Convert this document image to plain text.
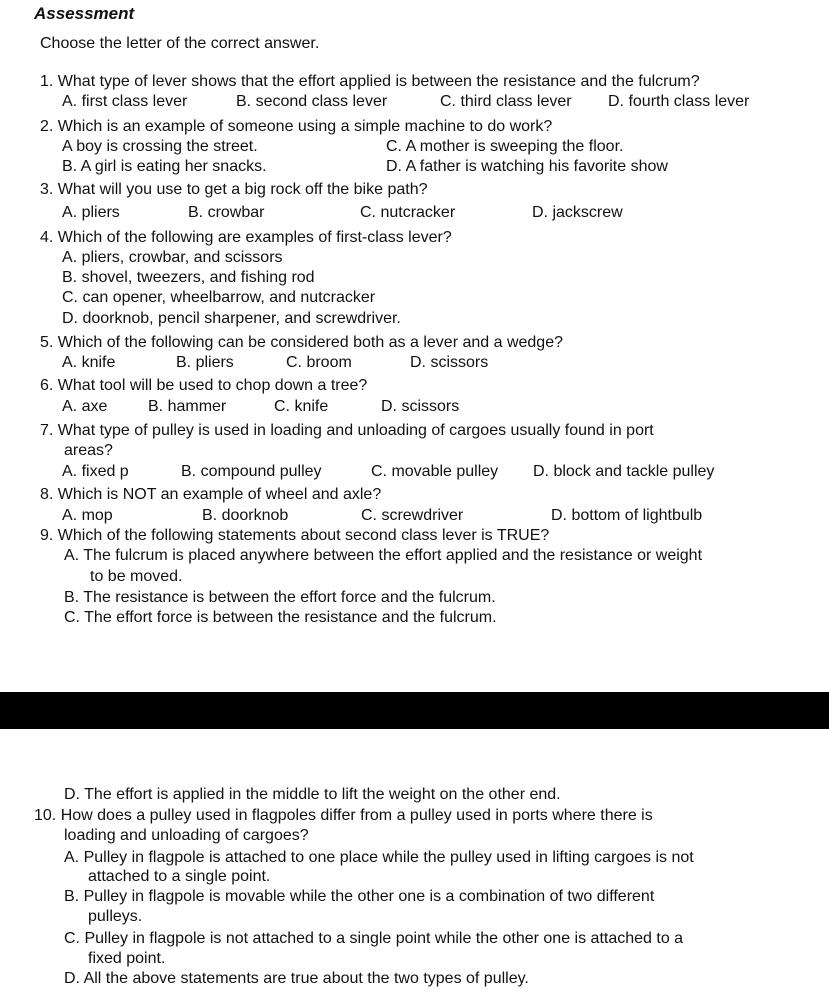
Assessment
Choose the letter of the correct answer.
1. What type of lever shows that the effort applied is between the resistance and the fulcrum?
A. first class lever	B. second class lever	C. third class lever D. fourth class lever
2. Which is an example of someone using a simple machine to do work?
A boy is crossing the street.	C. A mother is sweeping the floor.
B. A girl is eating her snacks.	D. A father is watching his favorite show
3. What will you use to get a big rock off the bike path?
A. pliers	B. crowbar	C. nutcracker	D. jackscrew
4. Which of the following are examples of first-class lever?
A. pliers, crowbar, and scissors
B. shovel, tweezers, and fishing rod
C. can opener, wheelbarrow, and nutcracker
D. doorknob, pencil sharpener, and screwdriver.
5. Which of the following can be considered both as a lever and a wedge?
A. knife	B. pliers	C. broom	D. scissors
6. What tool will be used to chop down a tree?
A. axe	B. hammer	C. knife	D. scissors
7. What type of pulley is used in loading and unloading of cargoes usually found in port
areas?
A. fixed p	B. compound pulley	C. movable pulley D. block and tackle pulley
8. Which is NOT an example of wheel and axle?
A. mop	B. doorknob	C. screwdriver	D. bottom of lightbulb
9. Which of the following statements about second class lever is TRUE?
A. The fulcrum is placed anywhere between the effort applied and the resistance or weight
to be moved.
B. The resistance is between the effort force and the fulcrum.
C. The effort force is between the resistance and the fulcrum.
D. The effort is applied in the middle to lift the weight on the other end.
10. How does a pulley used in flagpoles differ from a pulley used in ports where there is
loading and unloading of cargoes?
A. Pulley in flagpole is attached to one place while the pulley used in lifting cargoes is not
attached to a single point.
B. Pulley in flagpole is movable while the other one is a combination of two different
pulleys.
C. Pulley in flagpole is not attached to a single point while the other one is attached to a
fixed point.
D. All the above statements are true about the two types of pulley.
